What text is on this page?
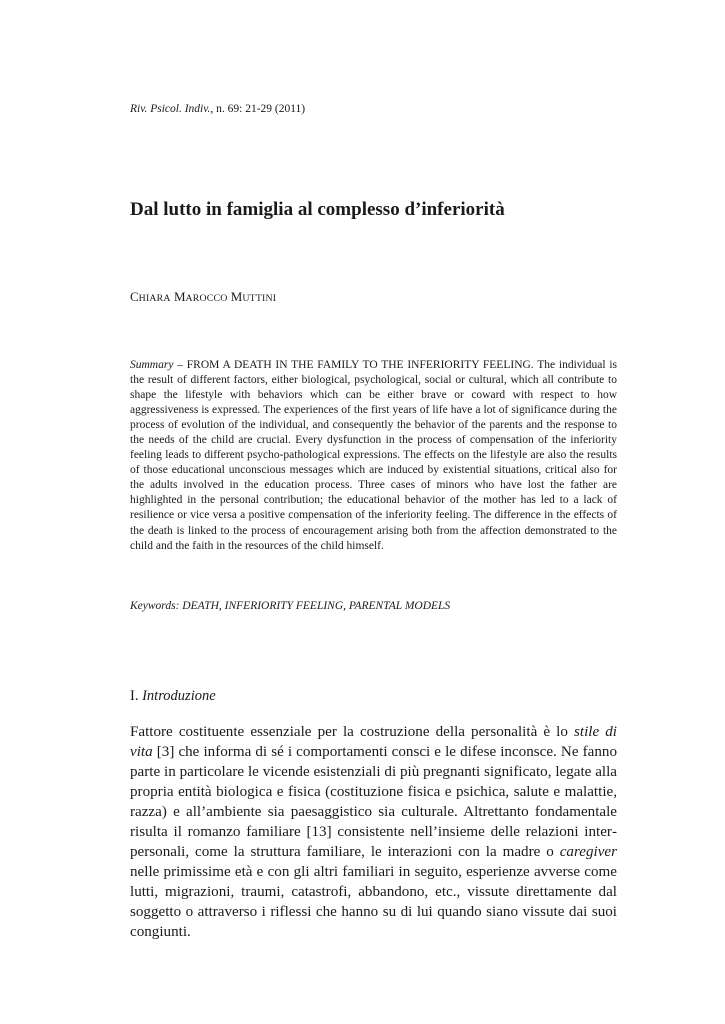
Riv. Psicol. Indiv., n. 69: 21-29 (2011)
Dal lutto in famiglia al complesso d’inferiorità
CHIARA MAROCCO MUTTINI
Summary – FROM A DEATH IN THE FAMILY TO THE INFERIORITY FEELING. The individual is the result of different factors, either biological, psychological, social or cultural, which all contribute to shape the lifestyle with behaviors which can be either brave or coward with respect to how aggressiveness is expressed. The experiences of the first years of life have a lot of significance during the process of evolution of the individual, and consequently the behavior of the parents and the response to the needs of the child are crucial. Every dysfunction in the process of compensation of the inferiority feeling leads to different psycho-pathological expressions. The effects on the lifestyle are also the results of those educational unconscious messages which are induced by existential situations, critical also for the adults involved in the education process. Three cases of minors who have lost the father are highlighted in the personal contribution; the educational behavior of the mother has led to a lack of resilience or vice versa a positive compensation of the inferiority feeling. The difference in the effects of the death is linked to the process of encouragement arising both from the affection demonstrated to the child and the faith in the resources of the child himself.
Keywords: DEATH, INFERIORITY FEELING, PARENTAL MODELS
I. Introduzione
Fattore costituente essenziale per la costruzione della personalità è lo stile di vita [3] che informa di sé i comportamenti consci e le difese inconsce. Ne fanno parte in particolare le vicende esistenziali di più pregnanti significato, legate alla propria entità biologica e fisica (costituzione fisica e psichica, salute e malattie, razza) e all’ambiente sia paesaggistico sia culturale. Altrettanto fondamentale risulta il romanzo familiare [13] consistente nell’insieme delle relazioni interpersonali, come la struttura familiare, le interazioni con la madre o caregiver nelle primissime età e con gli altri familiari in seguito, esperienze avverse come lutti, migrazioni, traumi, catastrofi, abbandono, etc., vissute direttamente dal soggetto o attraverso i riflessi che hanno su di lui quando siano vissute dai suoi congiunti.
